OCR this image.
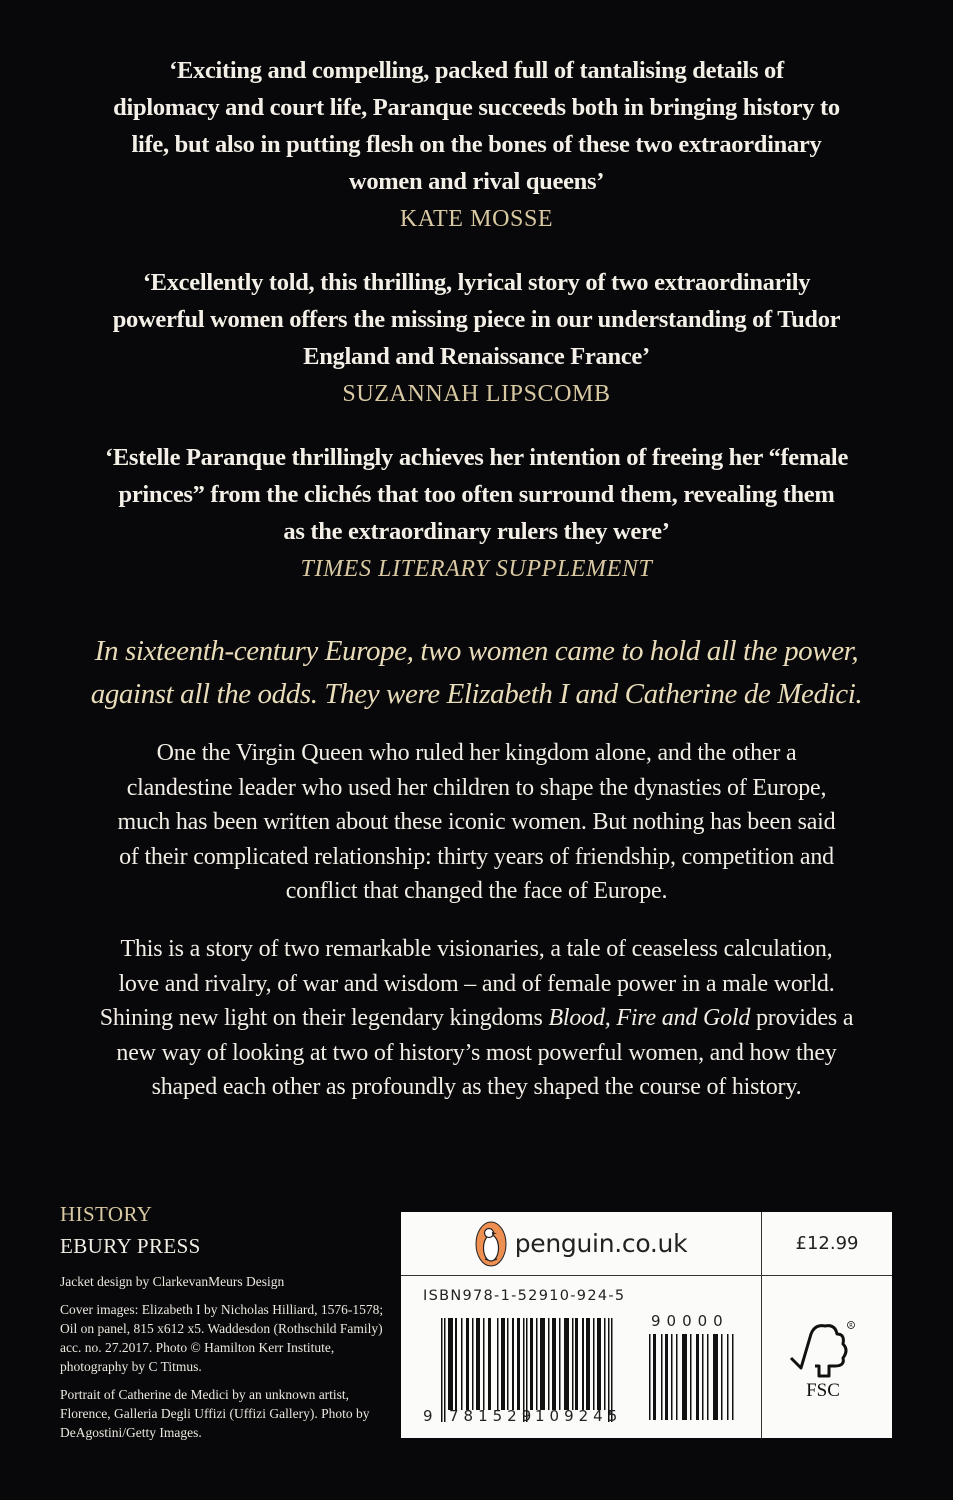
‘Exciting and compelling, packed full of tantalising details of
diplomacy and court life, Paranque succeeds both in bringing history to
life, but also in putting flesh on the bones of these two extraordinary
women and rival queens’
KATE MOSSE
‘Excellently told, this thrilling, lyrical story of two extraordinarily
powerful women offers the missing piece in our understanding of Tudor
England and Renaissance France’
SUZANNAH LIPSCOMB
‘Estelle Paranque thrillingly achieves her intention of freeing her “female
princes” from the clichés that too often surround them, revealing them
as the extraordinary rulers they were’
TIMES LITERARY SUPPLEMENT
In sixteenth-century Europe, two women came to hold all the power,
against all the odds. They were Elizabeth I and Catherine de Medici.
One the Virgin Queen who ruled her kingdom alone, and the other a
clandestine leader who used her children to shape the dynasties of Europe,
much has been written about these iconic women. But nothing has been said
of their complicated relationship: thirty years of friendship, competition and
conflict that changed the face of Europe.
This is a story of two remarkable visionaries, a tale of ceaseless calculation,
love and rivalry, of war and wisdom – and of female power in a male world.
Shining new light on their legendary kingdoms Blood, Fire and Gold provides a
new way of looking at two of history’s most powerful women, and how they
shaped each other as profoundly as they shaped the course of history.
HISTORY
EBURY PRESS
Jacket design by ClarkevanMeurs Design
Cover images: Elizabeth I by Nicholas Hilliard, 1576-1578; Oil on panel, 815 x612 x5. Waddesdon (Rothschild Family) acc. no. 27.2017. Photo © Hamilton Kerr Institute, photography by C Titmus.
Portrait of Catherine de Medici by an unknown artist, Florence, Galleria Degli Uffizi (Uffizi Gallery). Photo by DeAgostini/Getty Images.
penguin.co.uk	£12.99
ISBN978-1-52910-924-5
9 781529
109245
90000	R
FSC
